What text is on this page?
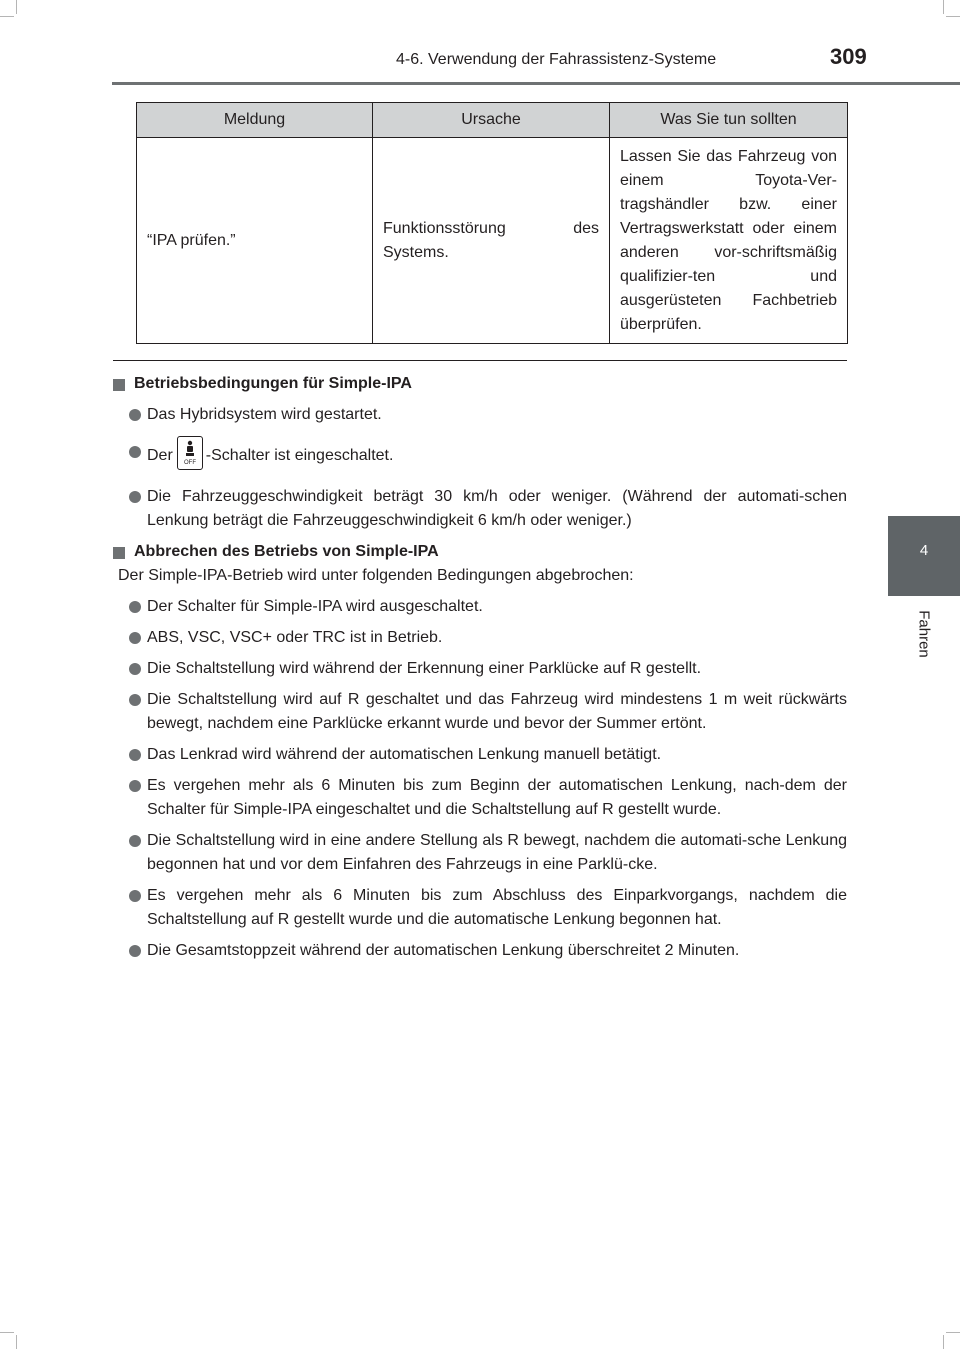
4-6. Verwendung der Fahrassistenz-Systeme	309
4
Fahren
Meldung	Ursache	Was Sie tun sollten
“IPA prüfen.”	Funktionsstörung des Systems.	Lassen Sie das Fahrzeug von einem Toyota-Ver-tragshändler bzw. einer Vertragswerkstatt oder einem anderen vor-schriftsmäßig qualifizier-ten und ausgerüsteten Fachbetrieb überprüfen.
Betriebsbedingungen für Simple-IPA
Das Hybridsystem wird gestartet.
Der OFF -Schalter ist eingeschaltet.
Die Fahrzeuggeschwindigkeit beträgt 30 km/h oder weniger. (Während der automati-schen Lenkung beträgt die Fahrzeuggeschwindigkeit 6 km/h oder weniger.)
Abbrechen des Betriebs von Simple-IPA
Der Simple-IPA-Betrieb wird unter folgenden Bedingungen abgebrochen:
Der Schalter für Simple-IPA wird ausgeschaltet.
ABS, VSC, VSC+ oder TRC ist in Betrieb.
Die Schaltstellung wird während der Erkennung einer Parklücke auf R gestellt.
Die Schaltstellung wird auf R geschaltet und das Fahrzeug wird mindestens 1 m weit rückwärts bewegt, nachdem eine Parklücke erkannt wurde und bevor der Summer ertönt.
Das Lenkrad wird während der automatischen Lenkung manuell betätigt.
Es vergehen mehr als 6 Minuten bis zum Beginn der automatischen Lenkung, nach-dem der Schalter für Simple-IPA eingeschaltet und die Schaltstellung auf R gestellt wurde.
Die Schaltstellung wird in eine andere Stellung als R bewegt, nachdem die automati-sche Lenkung begonnen hat und vor dem Einfahren des Fahrzeugs in eine Parklü-cke.
Es vergehen mehr als 6 Minuten bis zum Abschluss des Einparkvorgangs, nachdem die Schaltstellung auf R gestellt wurde und die automatische Lenkung begonnen hat.
Die Gesamtstoppzeit während der automatischen Lenkung überschreitet 2 Minuten.
